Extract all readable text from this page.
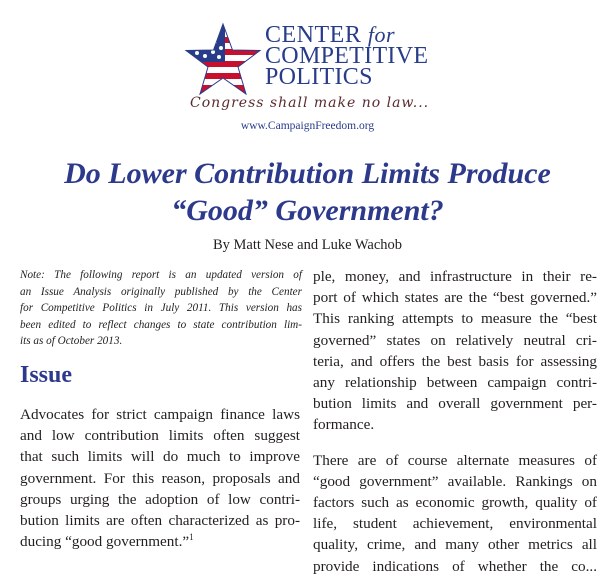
CENTER for
COMPETITIVE
POLITICS
Congress shall make no law...
www.CampaignFreedom.org
Do Lower Contribution Limits Produce
“Good” Government?
By Matt Nese and Luke Wachob
Note: The following report is an updated version of
an Issue Analysis originally published by the Center
for Competitive Politics in July 2011. This version has
been edited to reflect changes to state contribution lim-
its as of October 2013.
Issue
Advocates for strict campaign finance laws
and low contribution limits often suggest
that such limits will do much to improve
government. For this reason, proposals and
groups urging the adoption of low contri-
bution limits are often characterized as pro-
ducing “good government.”$^1$

ple, money, and infrastructure in their re-
port of which states are the “best governed.”
This ranking attempts to measure the “best
governed” states on relatively neutral cri-
teria, and offers the best basis for assessing
any relationship between campaign contri-
bution limits and overall government per-
formance.

There are of course alternate measures of
“good government” available. Rankings on
factors such as economic growth, quality of
life, student achievement, environmental
quality, crime, and many other metrics all
provide indications of whether the co...
